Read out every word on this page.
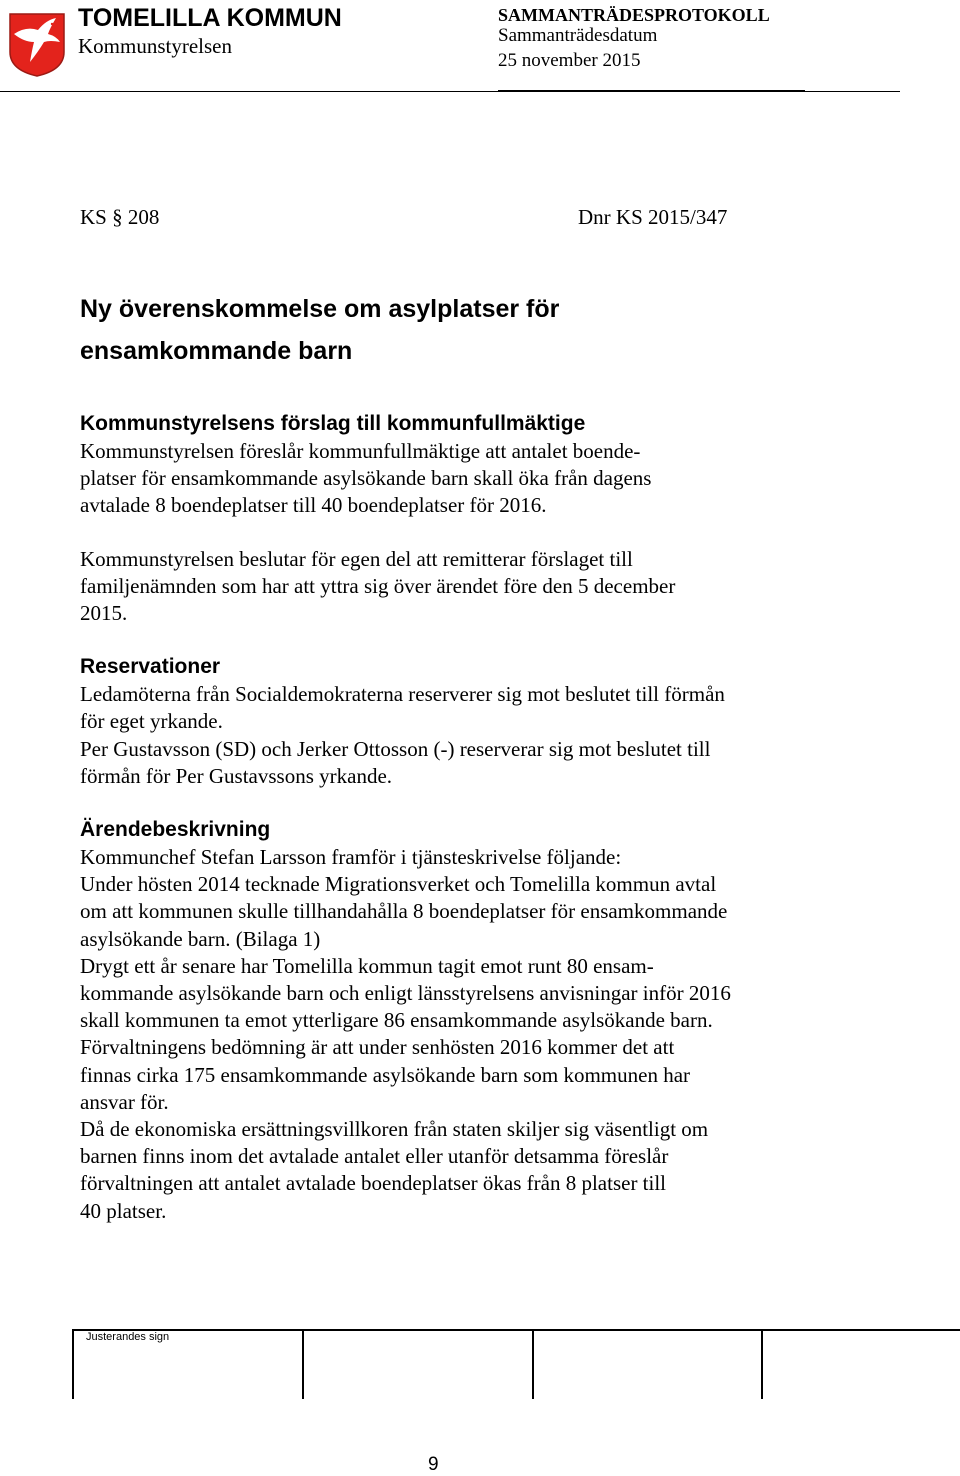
TOMELILLA KOMMUN
Kommunstyrelsen
SAMMANTRÄDESPROTOKOLL
Sammanträdesdatum
25 november 2015
KS § 208	Dnr KS 2015/347
Ny överenskommelse om asylplatser för
ensamkommande barn
Kommunstyrelsens förslag till kommunfullmäktige
Kommunstyrelsen föreslår kommunfullmäktige att antalet boende-
platser för ensamkommande asylsökande barn skall öka från dagens
avtalade 8 boendeplatser till 40 boendeplatser för 2016.
Kommunstyrelsen beslutar för egen del att remitterar förslaget till
familjenämnden som har att yttra sig över ärendet före den 5 december
2015.
Reservationer
Ledamöterna från Socialdemokraterna reserverer sig mot beslutet till förmån
för eget yrkande.
Per Gustavsson (SD) och Jerker Ottosson (-) reserverar sig mot beslutet till
förmån för Per Gustavssons yrkande.
Ärendebeskrivning
Kommunchef Stefan Larsson framför i tjänsteskrivelse följande:
Under hösten 2014 tecknade Migrationsverket och Tomelilla kommun avtal
om att kommunen skulle tillhandahålla 8 boendeplatser för ensamkommande
asylsökande barn. (Bilaga 1)
Drygt ett år senare har Tomelilla kommun tagit emot runt 80 ensam-
kommande asylsökande barn och enligt länsstyrelsens anvisningar inför 2016
skall kommunen ta emot ytterligare 86 ensamkommande asylsökande barn.
Förvaltningens bedömning är att under senhösten 2016 kommer det att
finnas cirka 175 ensamkommande asylsökande barn som kommunen har
ansvar för.
Då de ekonomiska ersättningsvillkoren från staten skiljer sig väsentligt om
barnen finns inom det avtalade antalet eller utanför detsamma föreslår
förvaltningen att antalet avtalade boendeplatser ökas från 8 platser till
40 platser.
Justerandes sign
9
